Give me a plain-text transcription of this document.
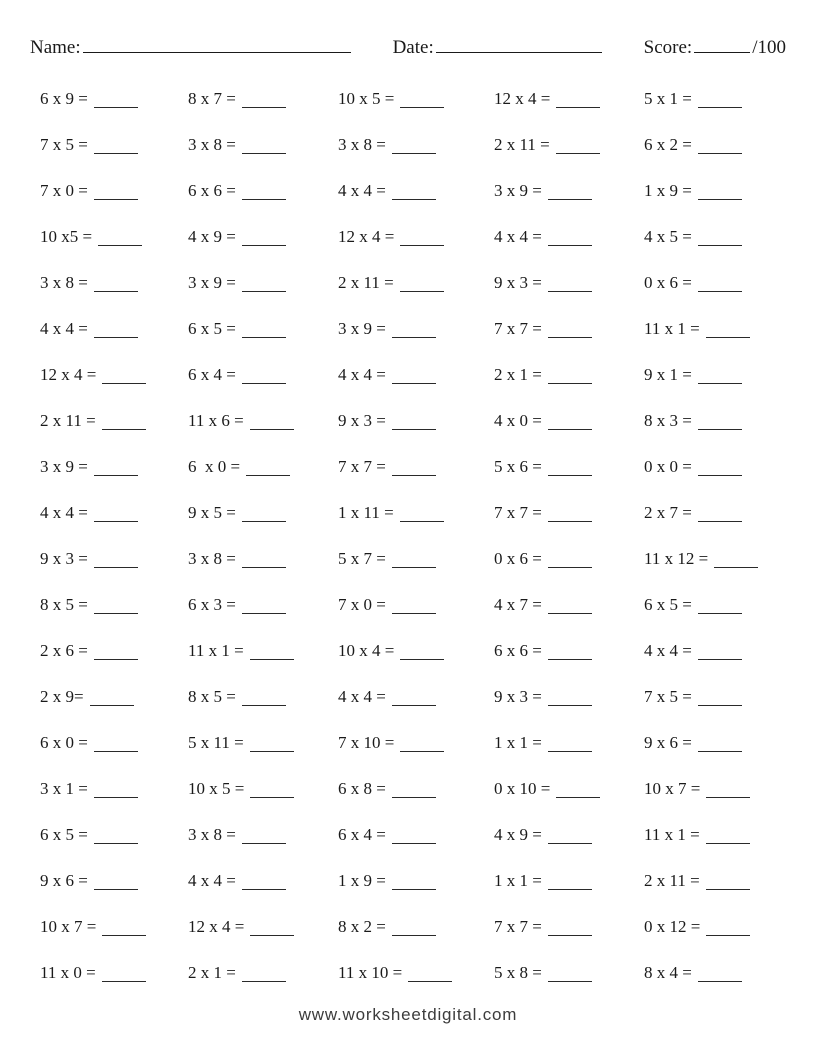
Name:	Date:	Score:	/100
6 x 9 =	8 x 7 =	10 x 5 =	12 x 4 =	5 x 1 =
7 x 5 =	3 x 8 =	3 x 8 =	2 x 11 =	6 x 2 =
7 x 0 =	6 x 6 =	4 x 4 =	3 x 9 =	1 x 9 =
10 x5 =	4 x 9 =	12 x 4 =	4 x 4 =	4 x 5 =
3 x 8 =	3 x 9 =	2 x 11 =	9 x 3 =	0 x 6 =
4 x 4 =	6 x 5 =	3 x 9 =	7 x 7 =	11 x 1 =
12 x 4 =	6 x 4 =	4 x 4 =	2 x 1 =	9 x 1 =
2 x 11 =	11 x 6 =	9 x 3 =	4 x 0 =	8 x 3 =
3 x 9 =	6  x 0 =	7 x 7 =	5 x 6 =	0 x 0 =
4 x 4 =	9 x 5 =	1 x 11 =	7 x 7 =	2 x 7 =
9 x 3 =	3 x 8 =	5 x 7 =	0 x 6 =	11 x 12 =
8 x 5 =	6 x 3 =	7 x 0 =	4 x 7 =	6 x 5 =
2 x 6 =	11 x 1 =	10 x 4 =	6 x 6 =	4 x 4 =
2 x 9=	8 x 5 =	4 x 4 =	9 x 3 =	7 x 5 =
6 x 0 =	5 x 11 =	7 x 10 =	1 x 1 =	9 x 6 =
3 x 1 =	10 x 5 =	6 x 8 =	0 x 10 =	10 x 7 =
6 x 5 =	3 x 8 =	6 x 4 =	4 x 9 =	11 x 1 =
9 x 6 =	4 x 4 =	1 x 9 =	1 x 1 =	2 x 11 =
10 x 7 =	12 x 4 =	8 x 2 =	7 x 7 =	0 x 12 =
11 x 0 =	2 x 1 =	11 x 10 =	5 x 8 =	8 x 4 =
www.worksheetdigital.com
